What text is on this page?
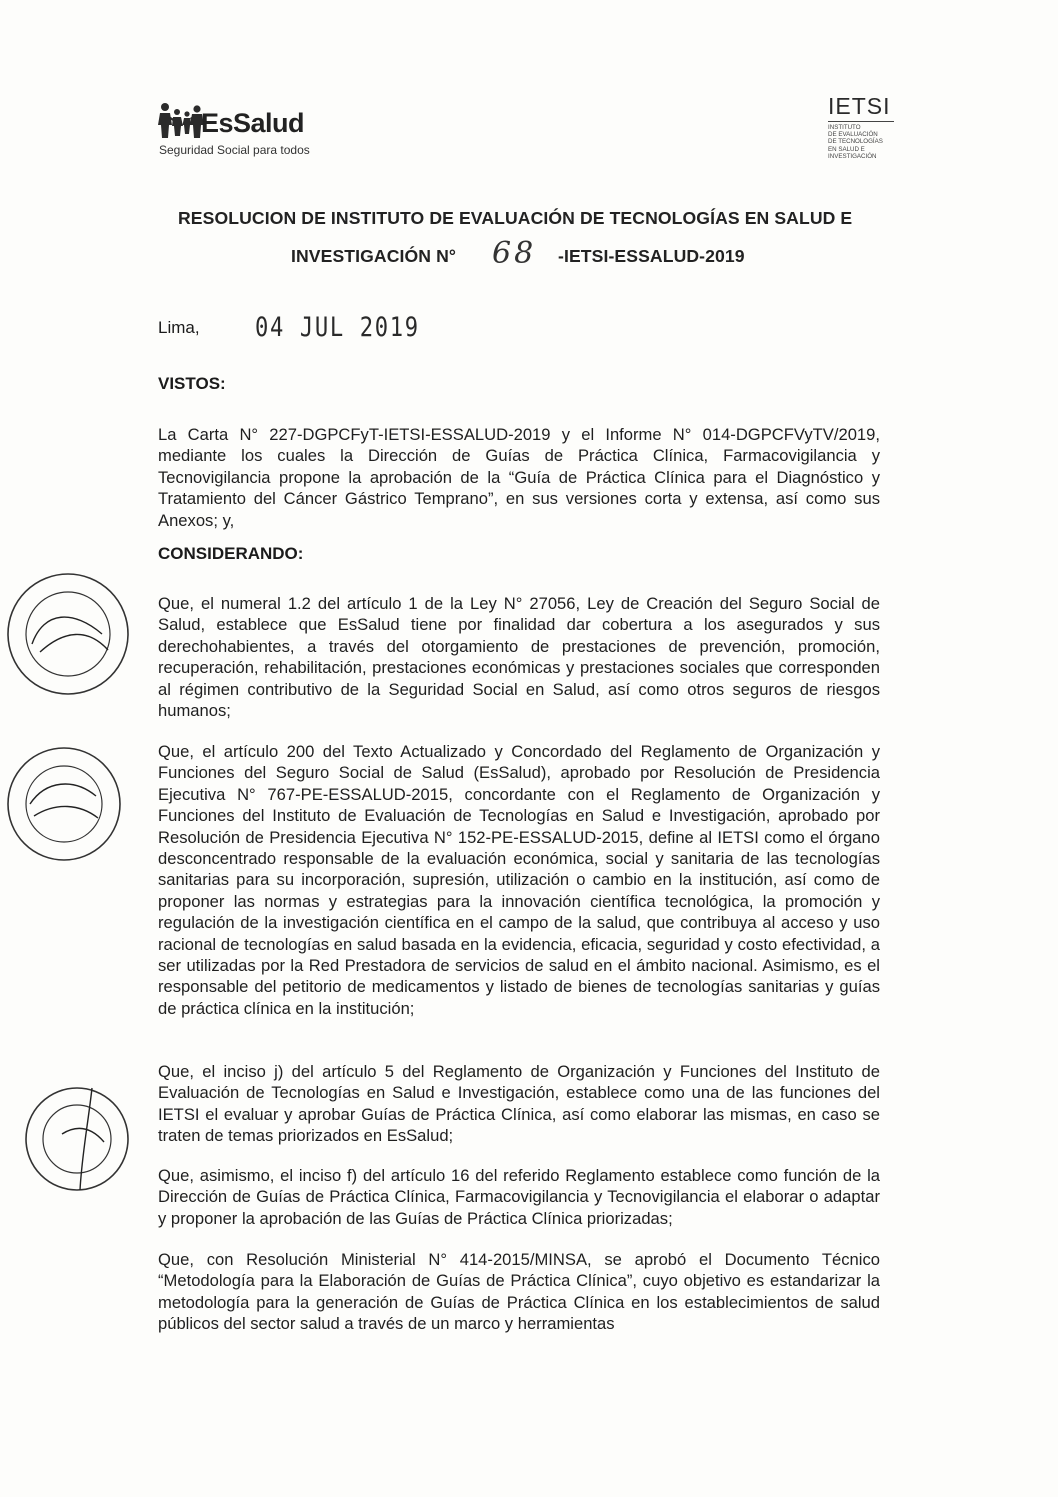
EsSalud
Seguridad Social para todos
IETSI
INSTITUTO
DE EVALUACIÓN
DE TECNOLOGÍAS
EN SALUD E
INVESTIGACIÓN
RESOLUCION DE INSTITUTO DE EVALUACIÓN DE TECNOLOGÍAS EN SALUD E
INVESTIGACIÓN N° 68 -IETSI-ESSALUD-2019
Lima, 04 JUL 2019
VISTOS:
La Carta N° 227-DGPCFyT-IETSI-ESSALUD-2019 y el Informe N° 014-DGPCFVyTV/2019, mediante los cuales la Dirección de Guías de Práctica Clínica, Farmacovigilancia y Tecnovigilancia propone la aprobación de la “Guía de Práctica Clínica para el Diagnóstico y Tratamiento del Cáncer Gástrico Temprano”, en sus versiones corta y extensa, así como sus Anexos; y,
CONSIDERANDO:
Que, el numeral 1.2 del artículo 1 de la Ley N° 27056, Ley de Creación del Seguro Social de Salud, establece que EsSalud tiene por finalidad dar cobertura a los asegurados y sus derechohabientes, a través del otorgamiento de prestaciones de prevención, promoción, recuperación, rehabilitación, prestaciones económicas y prestaciones sociales que corresponden al régimen contributivo de la Seguridad Social en Salud, así como otros seguros de riesgos humanos;
Que, el artículo 200 del Texto Actualizado y Concordado del Reglamento de Organización y Funciones del Seguro Social de Salud (EsSalud), aprobado por Resolución de Presidencia Ejecutiva N° 767-PE-ESSALUD-2015, concordante con el Reglamento de Organización y Funciones del Instituto de Evaluación de Tecnologías en Salud e Investigación, aprobado por Resolución de Presidencia Ejecutiva N° 152-PE-ESSALUD-2015, define al IETSI como el órgano desconcentrado responsable de la evaluación económica, social y sanitaria de las tecnologías sanitarias para su incorporación, supresión, utilización o cambio en la institución, así como de proponer las normas y estrategias para la innovación científica tecnológica, la promoción y regulación de la investigación científica en el campo de la salud, que contribuya al acceso y uso racional de tecnologías en salud basada en la evidencia, eficacia, seguridad y costo efectividad, a ser utilizadas por la Red Prestadora de servicios de salud en el ámbito nacional. Asimismo, es el responsable del petitorio de medicamentos y listado de bienes de tecnologías sanitarias y guías de práctica clínica en la institución;
Que, el inciso j) del artículo 5 del Reglamento de Organización y Funciones del Instituto de Evaluación de Tecnologías en Salud e Investigación, establece como una de las funciones del IETSI el evaluar y aprobar Guías de Práctica Clínica, así como elaborar las mismas, en caso se traten de temas priorizados en EsSalud;
Que, asimismo, el inciso f) del artículo 16 del referido Reglamento establece como función de la Dirección de Guías de Práctica Clínica, Farmacovigilancia y Tecnovigilancia el elaborar o adaptar y proponer la aprobación de las Guías de Práctica Clínica priorizadas;
Que, con Resolución Ministerial N° 414-2015/MINSA, se aprobó el Documento Técnico “Metodología para la Elaboración de Guías de Práctica Clínica”, cuyo objetivo es estandarizar la metodología para la generación de Guías de Práctica Clínica en los establecimientos de salud públicos del sector salud a través de un marco y herramientas
